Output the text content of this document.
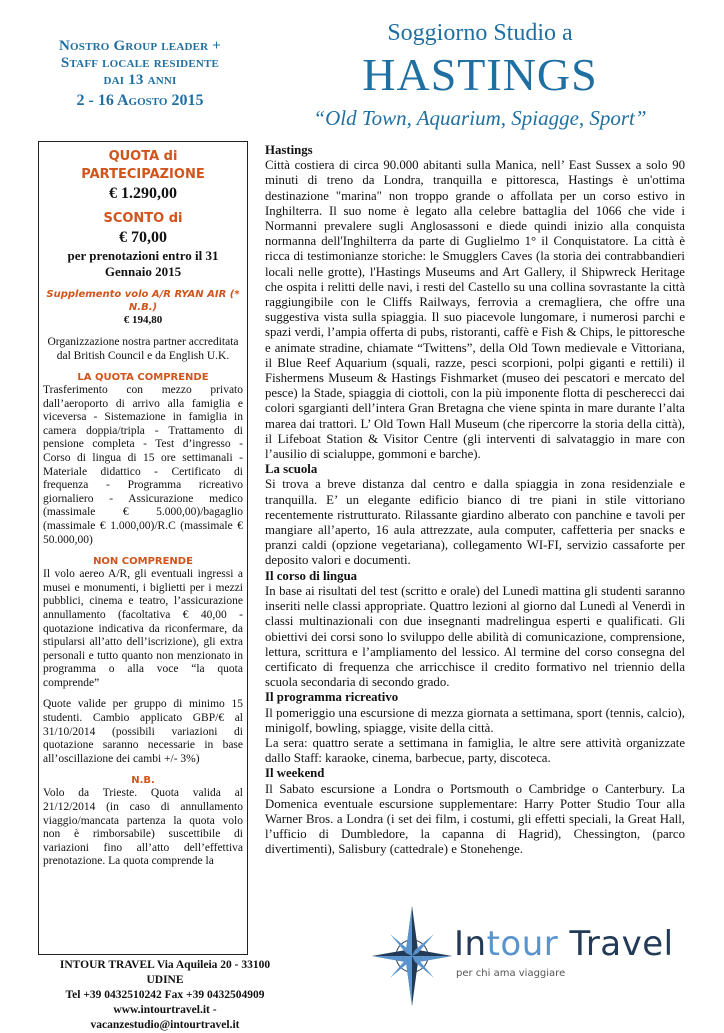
Nostro Group leader +
Staff locale residente
dai 13 anni
2 - 16 Agosto 2015
Soggiorno Studio a
HASTINGS
“Old Town, Aquarium, Spiagge, Sport”
QUOTA di
PARTECIPAZIONE
€ 1.290,00
SCONTO di
€ 70,00
per prenotazioni entro il 31 Gennaio 2015
Supplemento volo A/R RYAN AIR (* N.B.)
€ 194,80
Organizzazione nostra partner accreditata dal British Council e da English U.K.
LA QUOTA COMPRENDE
Trasferimento con mezzo privato dall’aeroporto di arrivo alla famiglia e viceversa - Sistemazione in famiglia in camera doppia/tripla - Trattamento di pensione completa - Test d’ingresso - Corso di lingua di 15 ore settimanali - Materiale didattico - Certificato di frequenza - Programma ricreativo giornaliero - Assicurazione medico (massimale € 5.000,00)/bagaglio (massimale € 1.000,00)/R.C (massimale € 50.000,00)
NON COMPRENDE
Il volo aereo A/R, gli eventuali ingressi a musei e monumenti, i biglietti per i mezzi pubblici, cinema e teatro, l’assicurazione annullamento (facoltativa € 40,00 - quotazione indicativa da riconfermare, da stipularsi all’atto dell’iscrizione), gli extra personali e tutto quanto non menzionato in programma o alla voce “la quota comprende”
Quote valide per gruppo di minimo 15 studenti. Cambio applicato GBP/€ al 31/10/2014 (possibili variazioni di quotazione saranno necessarie in base all’oscillazione dei cambi +/- 3%)
N.B.
Volo da Trieste. Quota valida al 21/12/2014 (in caso di annullamento viaggio/mancata partenza la quota volo non è rimborsabile) suscettibile di variazioni fino all’atto dell’effettiva prenotazione. La quota comprende la
Hastings

Città costiera di circa 90.000 abitanti sulla Manica, nell’ East Sussex a solo 90 minuti di treno da Londra, tranquilla e pittoresca, Hastings è un'ottima destinazione "marina" non troppo grande o affollata per un corso estivo in Inghilterra. Il suo nome è legato alla celebre battaglia del 1066 che vide i Normanni prevalere sugli Anglosassoni e diede quindi inizio alla conquista normanna dell'Inghilterra da parte di Guglielmo 1° il Conquistatore. La città è ricca di testimonianze storiche: le Smugglers Caves (la storia dei contrabbandieri locali nelle grotte), l'Hastings Museums and Art Gallery, il Shipwreck Heritage che ospita i relitti delle navi, i resti del Castello su una collina sovrastante la città raggiungibile con le Cliffs Railways, ferrovia a cremagliera, che offre una suggestiva vista sulla spiaggia. Il suo piacevole lungomare, i numerosi parchi e spazi verdi, l’ampia offerta di pubs, ristoranti, caffè e Fish & Chips, le pittoresche e animate stradine, chiamate “Twittens”, della Old Town medievale e Vittoriana, il Blue Reef Aquarium (squali, razze, pesci scorpioni, polpi giganti e rettili) il Fishermens Museum & Hastings Fishmarket (museo dei pescatori e mercato del pesce) la Stade, spiaggia di ciottoli, con la più imponente flotta di pescherecci dai colori sgargianti dell’intera Gran Bretagna che viene spinta in mare durante l’alta marea dai trattori. L’ Old Town Hall Museum (che ripercorre la storia della città), il Lifeboat Station & Visitor Centre (gli interventi di salvataggio in mare con l’ausilio di scialuppe, gommoni e barche).

La scuola

Si trova a breve distanza dal centro e dalla spiaggia in zona residenziale e tranquilla. E’ un elegante edificio bianco di tre piani in stile vittoriano recentemente ristrutturato. Rilassante giardino alberato con panchine e tavoli per mangiare all’aperto, 16 aula attrezzate, aula computer, caffetteria per snacks e pranzi caldi (opzione vegetariana), collegamento WI-FI, servizio cassaforte per deposito valori e documenti.

Il corso di lingua

In base ai risultati del test (scritto e orale) del Lunedì mattina gli studenti saranno inseriti nelle classi appropriate. Quattro lezioni al giorno dal Lunedì al Venerdì in classi multinazionali con due insegnanti madrelingua esperti e qualificati. Gli obiettivi dei corsi sono lo sviluppo delle abilità di comunicazione, comprensione, lettura, scrittura e l’ampliamento del lessico. Al termine del corso consegna del certificato di frequenza che arricchisce il credito formativo nel triennio della scuola secondaria di secondo grado.

Il programma ricreativo

Il pomeriggio una escursione di mezza giornata a settimana, sport (tennis, calcio), minigolf, bowling, spiagge, visite della città.

La sera: quattro serate a settimana in famiglia, le altre sere attività organizzate dallo Staff: karaoke, cinema, barbecue, party, discoteca.

Il weekend

Il Sabato escursione a Londra o Portsmouth o Cambridge o Canterbury. La Domenica eventuale escursione supplementare: Harry Potter Studio Tour alla Warner Bros. a Londra (i set dei film, i costumi, gli effetti speciali, la Great Hall, l’ufficio di Dumbledore, la capanna di Hagrid), Chessington, (parco divertimenti), Salisbury (cattedrale) e Stonehenge.

INTOUR TRAVEL Via Aquileia 20 - 33100 UDINE
Tel +39 0432510242 Fax +39 0432504909
www.intourtravel.it - vacanzestudio@intourtravel.it
Intour Travel
per chi ama viaggiare
